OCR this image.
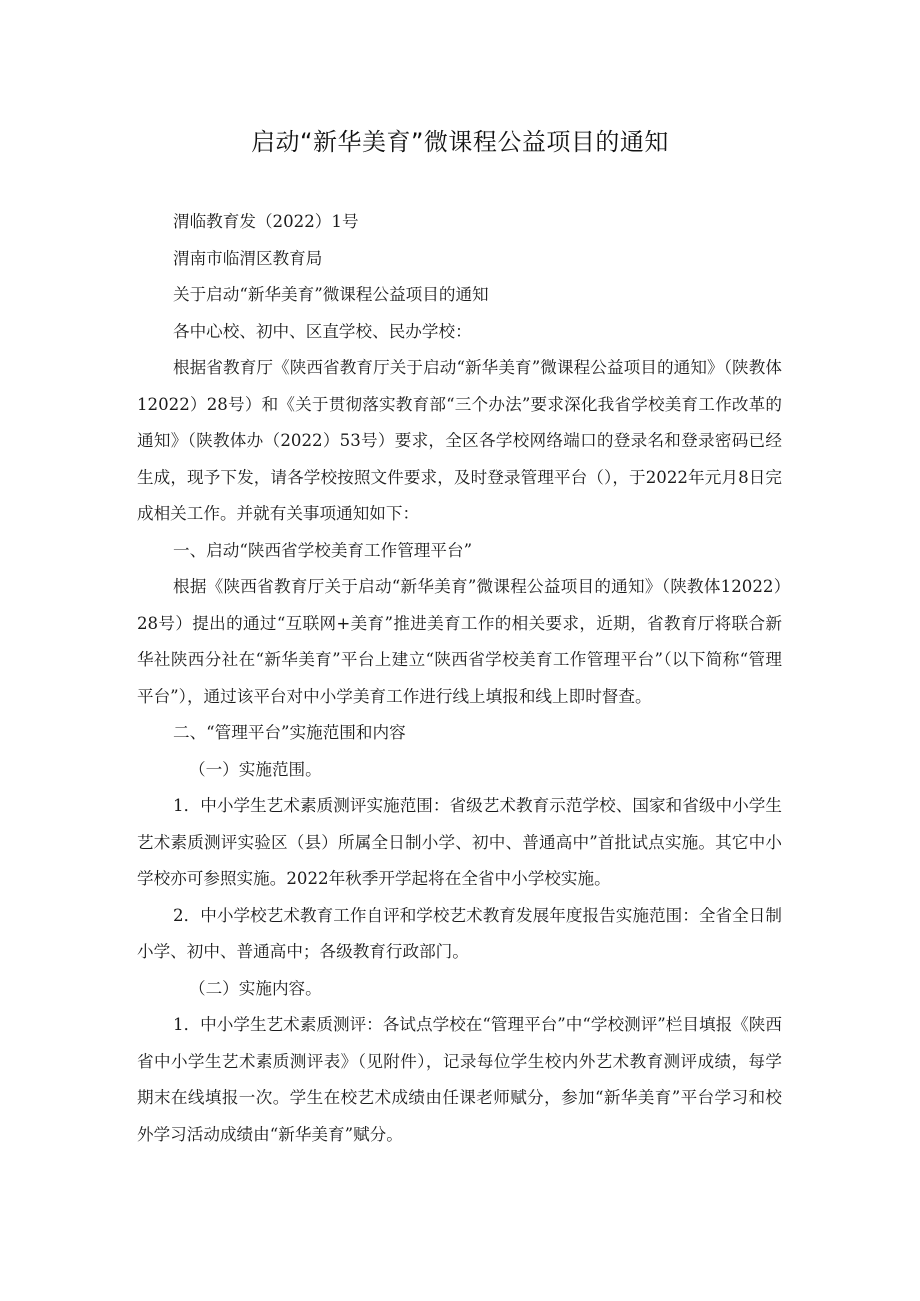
启动“新华美育”微课程公益项目的通知

渭临教育发（2022）1号

渭南市临渭区教育局

关于启动“新华美育”微课程公益项目的通知

各中心校、初中、区直学校、民办学校：

根据省教育厅《陕西省教育厅关于启动“新华美育”微课程公益项目的通知》（陕教体12022）28号）和《关于贯彻落实教育部“三个办法”要求深化我省学校美育工作改革的通知》（陕教体办（2022）53号）要求，全区各学校网络端口的登录名和登录密码已经生成，现予下发，请各学校按照文件要求，及时登录管理平台（），于2022年元月8日完成相关工作。并就有关事项通知如下：

一、启动“陕西省学校美育工作管理平台”

根据《陕西省教育厅关于启动“新华美育”微课程公益项目的通知》（陕教体12022）28号）提出的通过“互联网+美育”推进美育工作的相关要求，近期，省教育厅将联合新华社陕西分社在“新华美育”平台上建立“陕西省学校美育工作管理平台”（以下简称“管理平台”），通过该平台对中小学美育工作进行线上填报和线上即时督查。

二、“管理平台”实施范围和内容

（一）实施范围。

1．中小学生艺术素质测评实施范围：省级艺术教育示范学校、国家和省级中小学生艺术素质测评实验区（县）所属全日制小学、初中、普通高中”首批试点实施。其它中小学校亦可参照实施。2022年秋季开学起将在全省中小学校实施。

2．中小学校艺术教育工作自评和学校艺术教育发展年度报告实施范围：全省全日制小学、初中、普通高中；各级教育行政部门。

（二）实施内容。

1．中小学生艺术素质测评：各试点学校在“管理平台”中“学校测评”栏目填报《陕西省中小学生艺术素质测评表》（见附件），记录每位学生校内外艺术教育测评成绩，每学期末在线填报一次。学生在校艺术成绩由任课老师赋分，参加“新华美育”平台学习和校外学习活动成绩由“新华美育”赋分。
